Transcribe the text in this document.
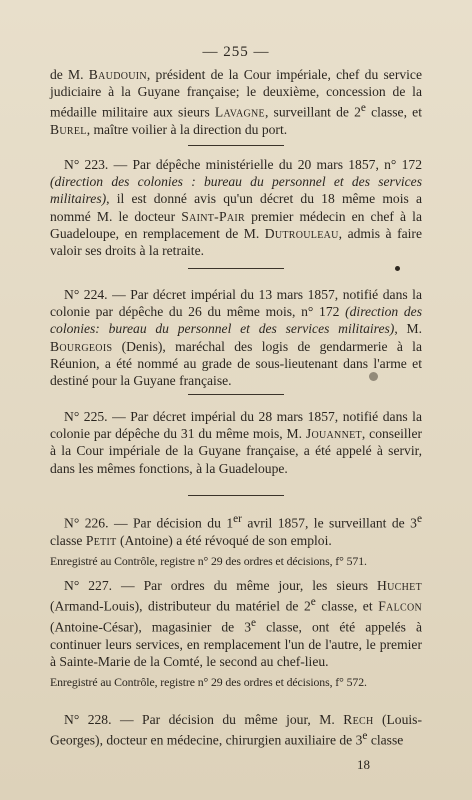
— 255 —

de M. Baudouin, président de la Cour impériale, chef du service judiciaire à la Guyane française; le deuxième, concession de la médaille militaire aux sieurs Lavagne, surveillant de 2e classe, et Burel, maître voilier à la direction du port.

N° 223. — Par dépêche ministérielle du 20 mars 1857, n° 172 (direction des colonies : bureau du personnel et des services militaires), il est donné avis qu'un décret du 18 même mois a nommé M. le docteur Saint-Pair premier médecin en chef à la Guadeloupe, en remplacement de M. Dutrouleau, admis à faire valoir ses droits à la retraite.

N° 224. — Par décret impérial du 13 mars 1857, notifié dans la colonie par dépêche du 26 du même mois, n° 172 (direction des colonies: bureau du personnel et des services militaires), M. Bourgeois (Denis), maréchal des logis de gendarmerie à la Réunion, a été nommé au grade de sous-lieutenant dans l'arme et destiné pour la Guyane française.

N° 225. — Par décret impérial du 28 mars 1857, notifié dans la colonie par dépêche du 31 du même mois, M. Jouannet, conseiller à la Cour impériale de la Guyane française, a été appelé à servir, dans les mêmes fonctions, à la Guadeloupe.

N° 226. — Par décision du 1er avril 1857, le surveillant de 3e classe Petit (Antoine) a été révoqué de son emploi.

Enregistré au Contrôle, registre n° 29 des ordres et décisions, f° 571.

N° 227. — Par ordres du même jour, les sieurs Huchet (Armand-Louis), distributeur du matériel de 2e classe, et Falcon (Antoine-César), magasinier de 3e classe, ont été appelés à continuer leurs services, en remplacement l'un de l'autre, le premier à Sainte-Marie de la Comté, le second au chef-lieu.

Enregistré au Contrôle, registre n° 29 des ordres et décisions, f° 572.

N° 228. — Par décision du même jour, M. Rech (Louis-Georges), docteur en médecine, chirurgien auxiliaire de 3e classe

18
